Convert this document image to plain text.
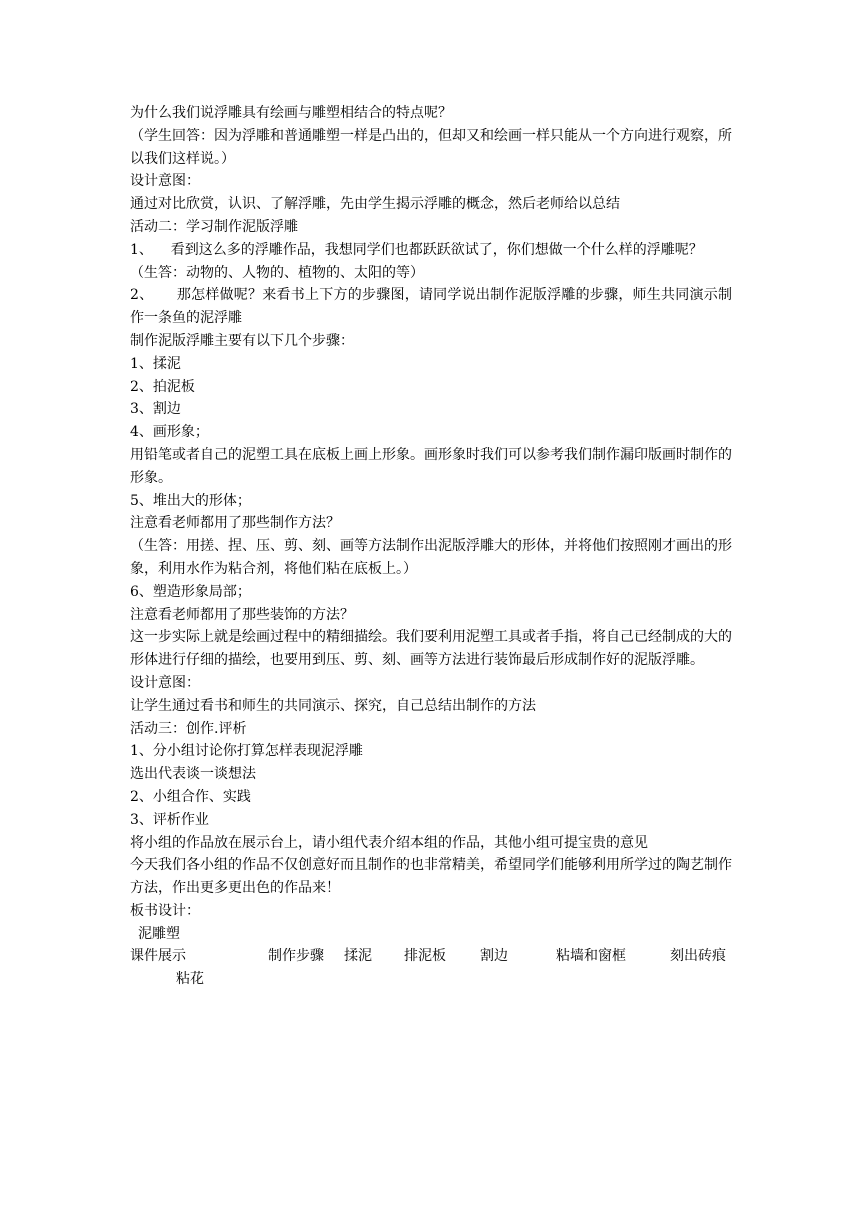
为什么我们说浮雕具有绘画与雕塑相结合的特点呢？

（学生回答：因为浮雕和普通雕塑一样是凸出的，但却又和绘画一样只能从一个方向进行观察，所以我们这样说。）

设计意图：

通过对比欣赏，认识、了解浮雕，先由学生揭示浮雕的概念，然后老师给以总结

活动二：学习制作泥版浮雕

1、    看到这么多的浮雕作品，我想同学们也都跃跃欲试了，你们想做一个什么样的浮雕呢？

（生答：动物的、人物的、植物的、太阳的等）

2、     那怎样做呢？来看书上下方的步骤图，请同学说出制作泥版浮雕的步骤，师生共同演示制作一条鱼的泥浮雕

制作泥版浮雕主要有以下几个步骤：

1、揉泥

2、拍泥板

3、割边

4、画形象；

用铅笔或者自己的泥塑工具在底板上画上形象。画形象时我们可以参考我们制作漏印版画时制作的形象。

5、堆出大的形体；

注意看老师都用了那些制作方法？

（生答：用搓、捏、压、剪、刻、画等方法制作出泥版浮雕大的形体，并将他们按照刚才画出的形象，利用水作为粘合剂，将他们粘在底板上。）

6、塑造形象局部；

注意看老师都用了那些装饰的方法？

这一步实际上就是绘画过程中的精细描绘。我们要利用泥塑工具或者手指，将自己已经制成的大的形体进行仔细的描绘，也要用到压、剪、刻、画等方法进行装饰最后形成制作好的泥版浮雕。

设计意图：

让学生通过看书和师生的共同演示、探究，自己总结出制作的方法

活动三：创作.评析

1、分小组讨论你打算怎样表现泥浮雕

选出代表谈一谈想法

2、小组合作、实践

3、评析作业

将小组的作品放在展示台上，请小组代表介绍本组的作品，其他小组可提宝贵的意见

今天我们各小组的作品不仅创意好而且制作的也非常精美，希望同学们能够利用所学过的陶艺制作方法，作出更多更出色的作品来！

板书设计：

泥雕塑
课件展示	制作步骤 揉泥 排泥板 割边	粘墙和窗框	刻出砖痕
粘花
